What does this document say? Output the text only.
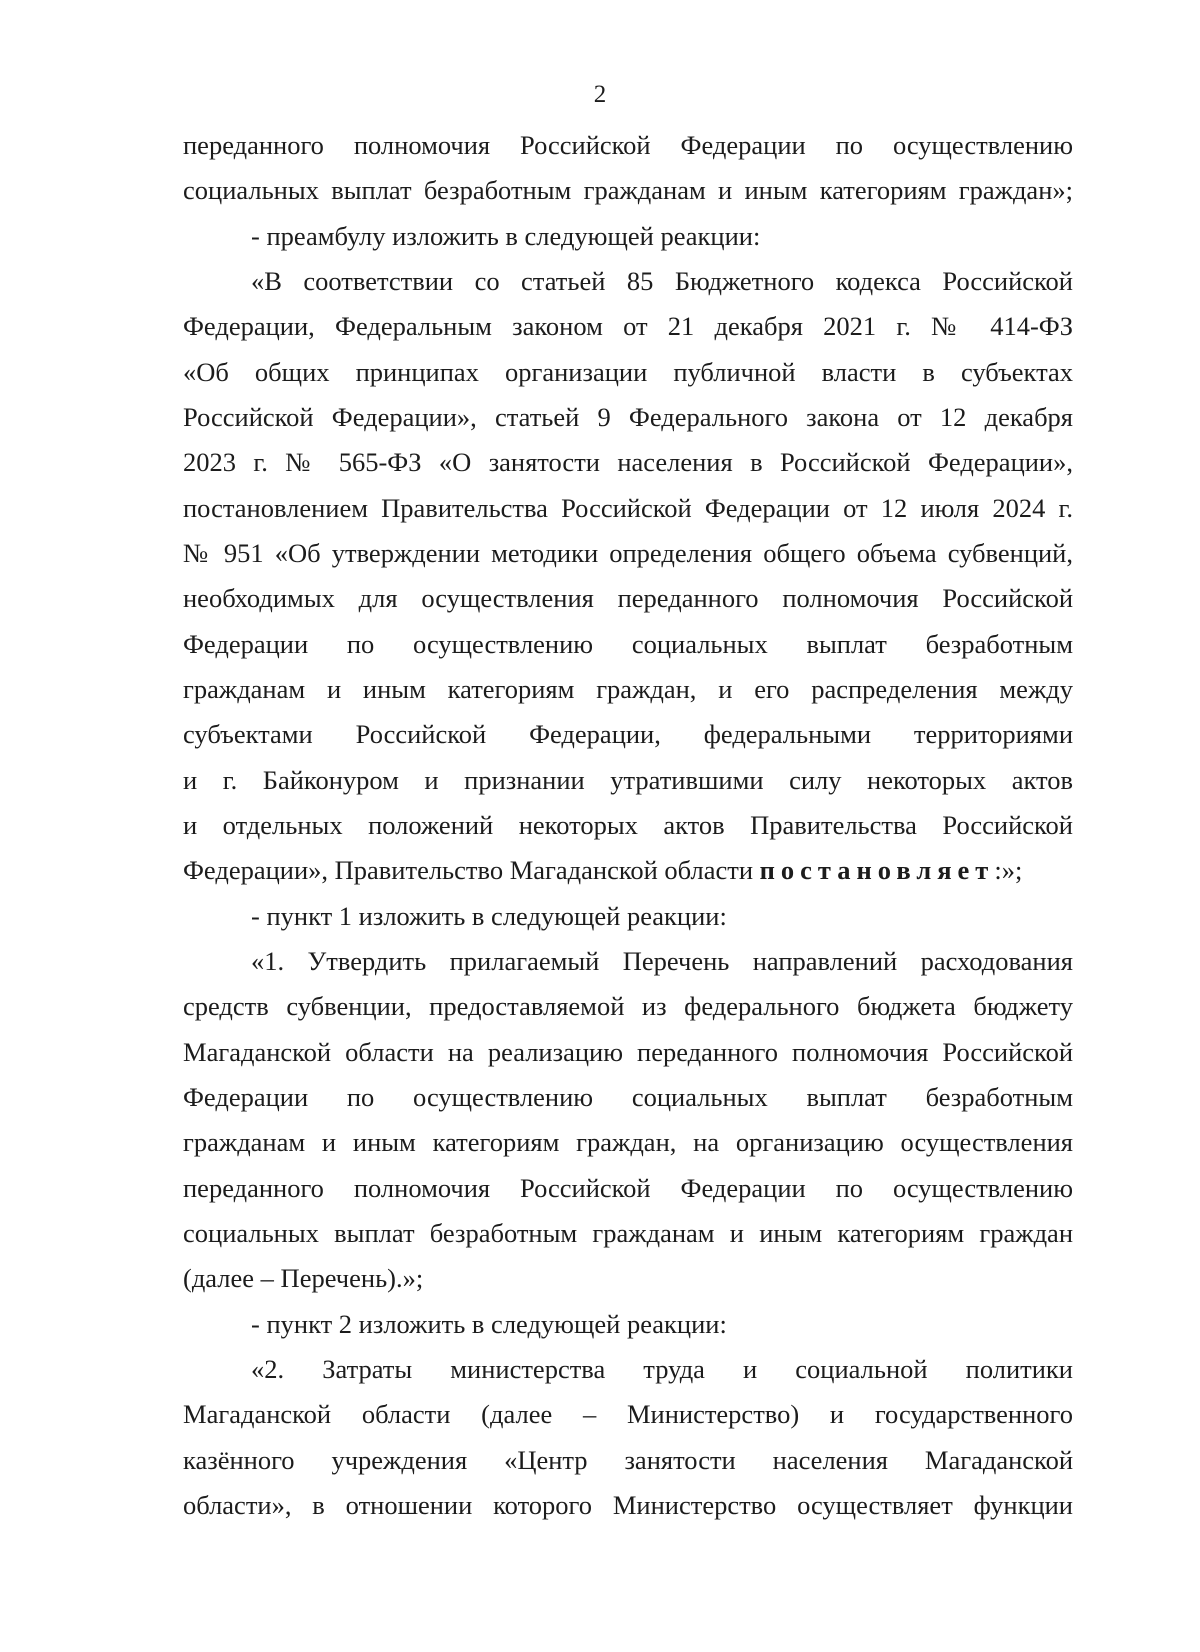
2
переданного полномочия Российской Федерации по осуществлению
социальных выплат безработным гражданам и иным категориям граждан»;
- преамбулу изложить в следующей реакции:
«В соответствии со статьей 85 Бюджетного кодекса Российской
Федерации, Федеральным законом от 21 декабря 2021 г. № 414-ФЗ
«Об общих принципах организации публичной власти в субъектах
Российской Федерации», статьей 9 Федерального закона от 12 декабря
2023 г. № 565-ФЗ «О занятости населения в Российской Федерации»,
постановлением Правительства Российской Федерации от 12 июля 2024 г.
№ 951 «Об утверждении методики определения общего объема субвенций,
необходимых для осуществления переданного полномочия Российской
Федерации по осуществлению социальных выплат безработным
гражданам и иным категориям граждан, и его распределения между
субъектами Российской Федерации, федеральными территориями
и г. Байконуром и признании утратившими силу некоторых актов
и отдельных положений некоторых актов Правительства Российской
Федерации», Правительство Магаданской области постановляет:»;
- пункт 1 изложить в следующей реакции:
«1. Утвердить прилагаемый Перечень направлений расходования
средств субвенции, предоставляемой из федерального бюджета бюджету
Магаданской области на реализацию переданного полномочия Российской
Федерации по осуществлению социальных выплат безработным
гражданам и иным категориям граждан, на организацию осуществления
переданного полномочия Российской Федерации по осуществлению
социальных выплат безработным гражданам и иным категориям граждан
(далее – Перечень).»;
- пункт 2 изложить в следующей реакции:
«2. Затраты министерства труда и социальной политики
Магаданской области (далее – Министерство) и государственного
казённого учреждения «Центр занятости населения Магаданской
области», в отношении которого Министерство осуществляет функции
